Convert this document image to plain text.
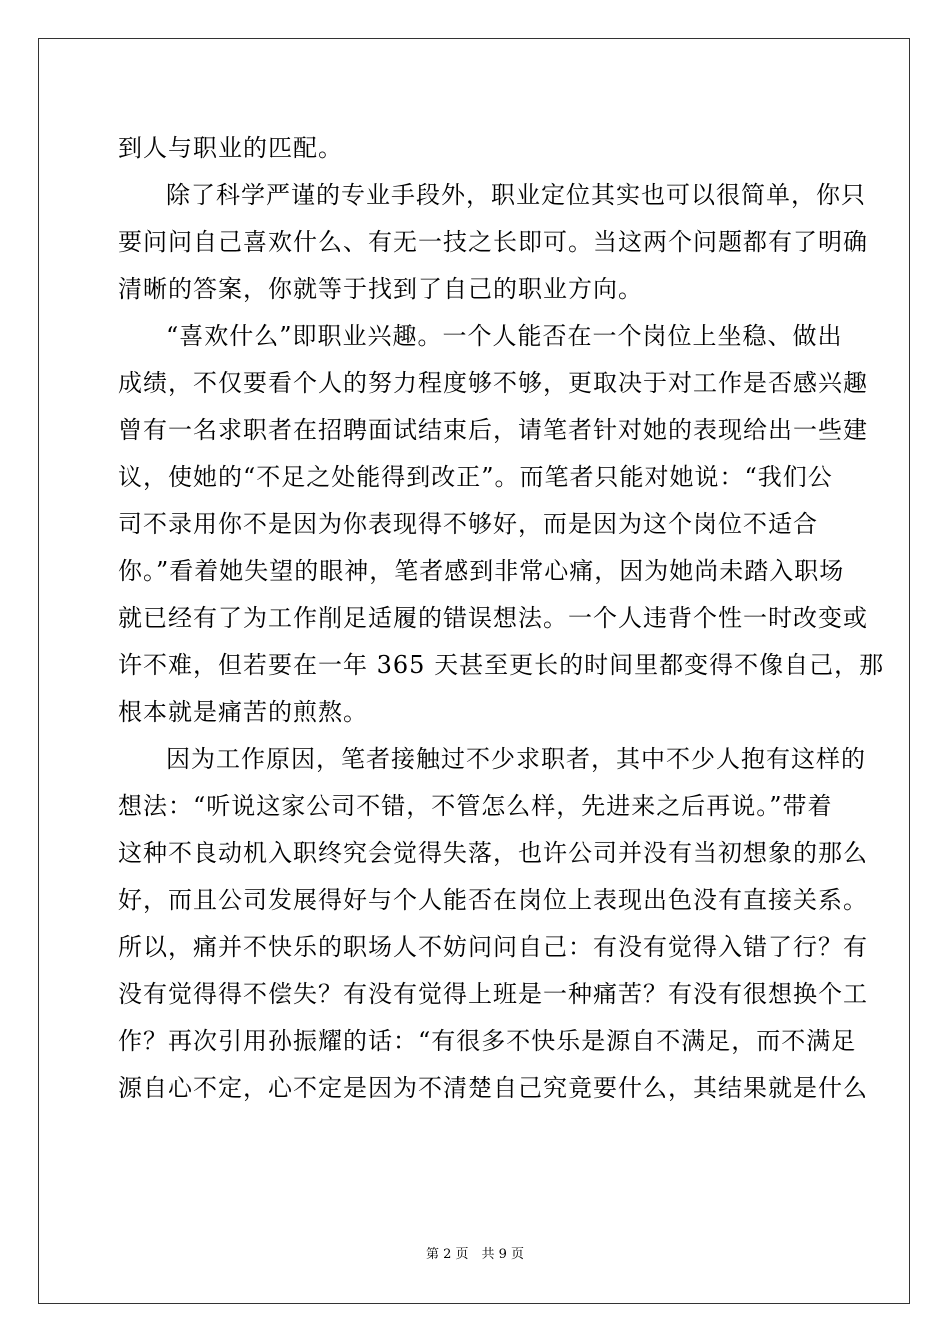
到人与职业的匹配。
除了科学严谨的专业手段外，职业定位其实也可以很简单，你只
要问问自己喜欢什么、有无一技之长即可。当这两个问题都有了明确
清晰的答案，你就等于找到了自己的职业方向。
“喜欢什么”即职业兴趣。一个人能否在一个岗位上坐稳、做出
成绩，不仅要看个人的努力程度够不够，更取决于对工作是否感兴趣
曾有一名求职者在招聘面试结束后，请笔者针对她的表现给出一些建
议，使她的“不足之处能得到改正”。而笔者只能对她说：“我们公
司不录用你不是因为你表现得不够好，而是因为这个岗位不适合
你。”看着她失望的眼神，笔者感到非常心痛，因为她尚未踏入职场
就已经有了为工作削足适履的错误想法。一个人违背个性一时改变或
许不难，但若要在一年 365 天甚至更长的时间里都变得不像自己，那
根本就是痛苦的煎熬。
因为工作原因，笔者接触过不少求职者，其中不少人抱有这样的
想法：“听说这家公司不错，不管怎么样，先进来之后再说。”带着
这种不良动机入职终究会觉得失落，也许公司并没有当初想象的那么
好，而且公司发展得好与个人能否在岗位上表现出色没有直接关系。
所以，痛并不快乐的职场人不妨问问自己：有没有觉得入错了行？有
没有觉得得不偿失？有没有觉得上班是一种痛苦？有没有很想换个工
作？再次引用孙振耀的话：“有很多不快乐是源自不满足，而不满足
源自心不定，心不定是因为不清楚自己究竟要什么，其结果就是什么
第 2 页　共 9 页
